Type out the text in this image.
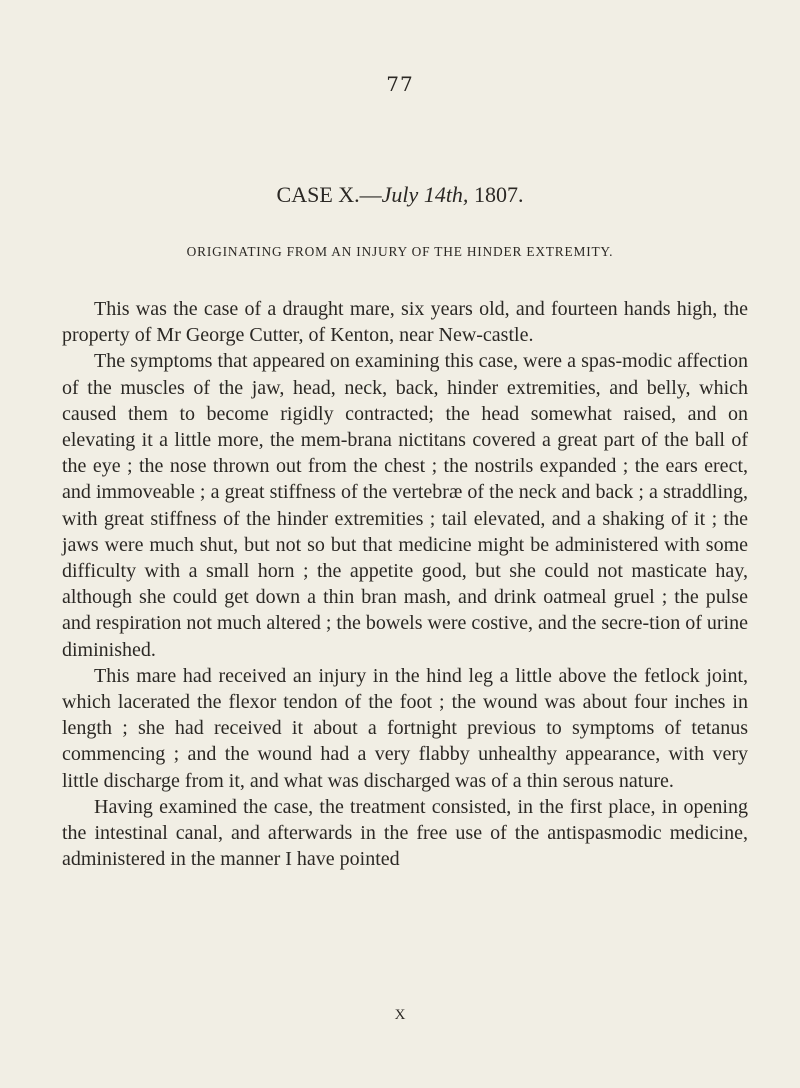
77
CASE X.—July 14th, 1807.
ORIGINATING FROM AN INJURY OF THE HINDER EXTREMITY.

This was the case of a draught mare, six years old, and fourteen hands high, the property of Mr George Cutter, of Kenton, near New-castle.

The symptoms that appeared on examining this case, were a spas-modic affection of the muscles of the jaw, head, neck, back, hinder extremities, and belly, which caused them to become rigidly contracted; the head somewhat raised, and on elevating it a little more, the mem-brana nictitans covered a great part of the ball of the eye ; the nose thrown out from the chest ; the nostrils expanded ; the ears erect, and immoveable ; a great stiffness of the vertebræ of the neck and back ; a straddling, with great stiffness of the hinder extremities ; tail elevated, and a shaking of it ; the jaws were much shut, but not so but that medicine might be administered with some difficulty with a small horn ; the appetite good, but she could not masticate hay, although she could get down a thin bran mash, and drink oatmeal gruel ; the pulse and respiration not much altered ; the bowels were costive, and the secre-tion of urine diminished.

This mare had received an injury in the hind leg a little above the fetlock joint, which lacerated the flexor tendon of the foot ; the wound was about four inches in length ; she had received it about a fortnight previous to symptoms of tetanus commencing ; and the wound had a very flabby unhealthy appearance, with very little discharge from it, and what was discharged was of a thin serous nature.

Having examined the case, the treatment consisted, in the first place, in opening the intestinal canal, and afterwards in the free use of the antispasmodic medicine, administered in the manner I have pointed

X
